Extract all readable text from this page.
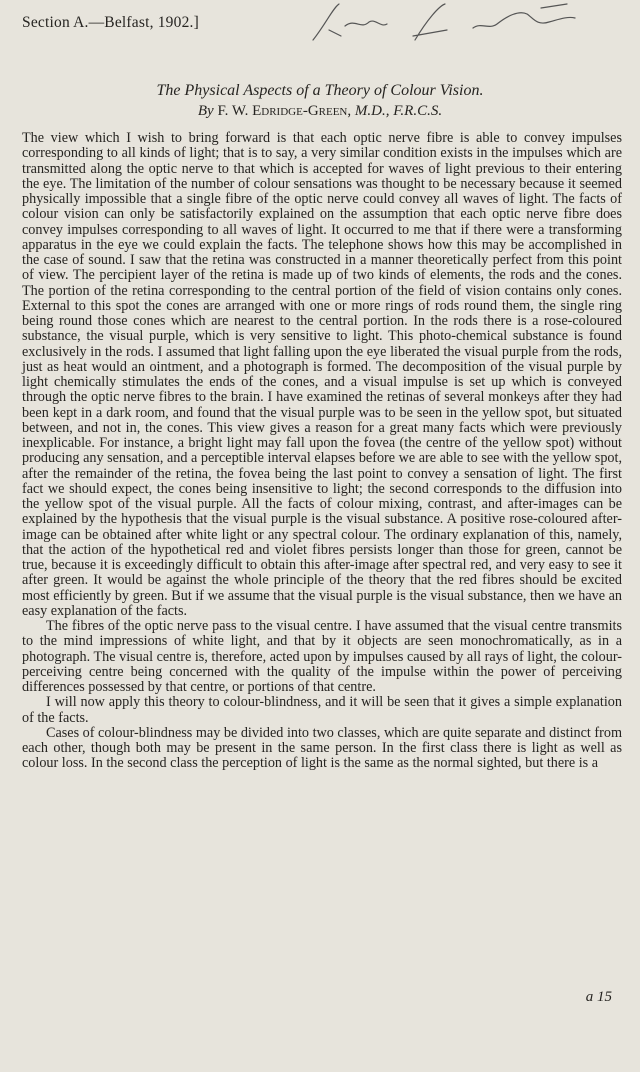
Section A.—Belfast, 1902.]

The Physical Aspects of a Theory of Colour Vision.

By F. W. Edridge-Green, M.D., F.R.C.S.

The view which I wish to bring forward is that each optic nerve fibre is able to convey impulses corresponding to all kinds of light; that is to say, a very similar condition exists in the impulses which are transmitted along the optic nerve to that which is accepted for waves of light previous to their entering the eye. The limitation of the number of colour sensations was thought to be necessary because it seemed physically impossible that a single fibre of the optic nerve could convey all waves of light. The facts of colour vision can only be satisfactorily explained on the assumption that each optic nerve fibre does convey impulses corresponding to all waves of light. It occurred to me that if there were a transforming apparatus in the eye we could explain the facts. The telephone shows how this may be accomplished in the case of sound. I saw that the retina was constructed in a manner theoretically perfect from this point of view. The percipient layer of the retina is made up of two kinds of elements, the rods and the cones. The portion of the retina corresponding to the central portion of the field of vision contains only cones. External to this spot the cones are arranged with one or more rings of rods round them, the single ring being round those cones which are nearest to the central portion. In the rods there is a rose-coloured substance, the visual purple, which is very sensitive to light. This photo-chemical substance is found exclusively in the rods. I assumed that light falling upon the eye liberated the visual purple from the rods, just as heat would an ointment, and a photograph is formed. The decomposition of the visual purple by light chemically stimulates the ends of the cones, and a visual impulse is set up which is conveyed through the optic nerve fibres to the brain. I have examined the retinas of several monkeys after they had been kept in a dark room, and found that the visual purple was to be seen in the yellow spot, but situated between, and not in, the cones. This view gives a reason for a great many facts which were previously inexplicable. For instance, a bright light may fall upon the fovea (the centre of the yellow spot) without producing any sensation, and a perceptible interval elapses before we are able to see with the yellow spot, after the remainder of the retina, the fovea being the last point to convey a sensation of light. The first fact we should expect, the cones being insensitive to light; the second corresponds to the diffusion into the yellow spot of the visual purple. All the facts of colour mixing, contrast, and after-images can be explained by the hypothesis that the visual purple is the visual substance. A positive rose-coloured after-image can be obtained after white light or any spectral colour. The ordinary explanation of this, namely, that the action of the hypothetical red and violet fibres persists longer than those for green, cannot be true, because it is exceedingly difficult to obtain this after-image after spectral red, and very easy to see it after green. It would be against the whole principle of the theory that the red fibres should be excited most efficiently by green. But if we assume that the visual purple is the visual substance, then we have an easy explanation of the facts.

The fibres of the optic nerve pass to the visual centre. I have assumed that the visual centre transmits to the mind impressions of white light, and that by it objects are seen monochromatically, as in a photograph. The visual centre is, therefore, acted upon by impulses caused by all rays of light, the colour-perceiving centre being concerned with the quality of the impulse within the power of perceiving differences possessed by that centre, or portions of that centre.

I will now apply this theory to colour-blindness, and it will be seen that it gives a simple explanation of the facts.

Cases of colour-blindness may be divided into two classes, which are quite separate and distinct from each other, though both may be present in the same person. In the first class there is light as well as colour loss. In the second class the perception of light is the same as the normal sighted, but there is a

a 15
